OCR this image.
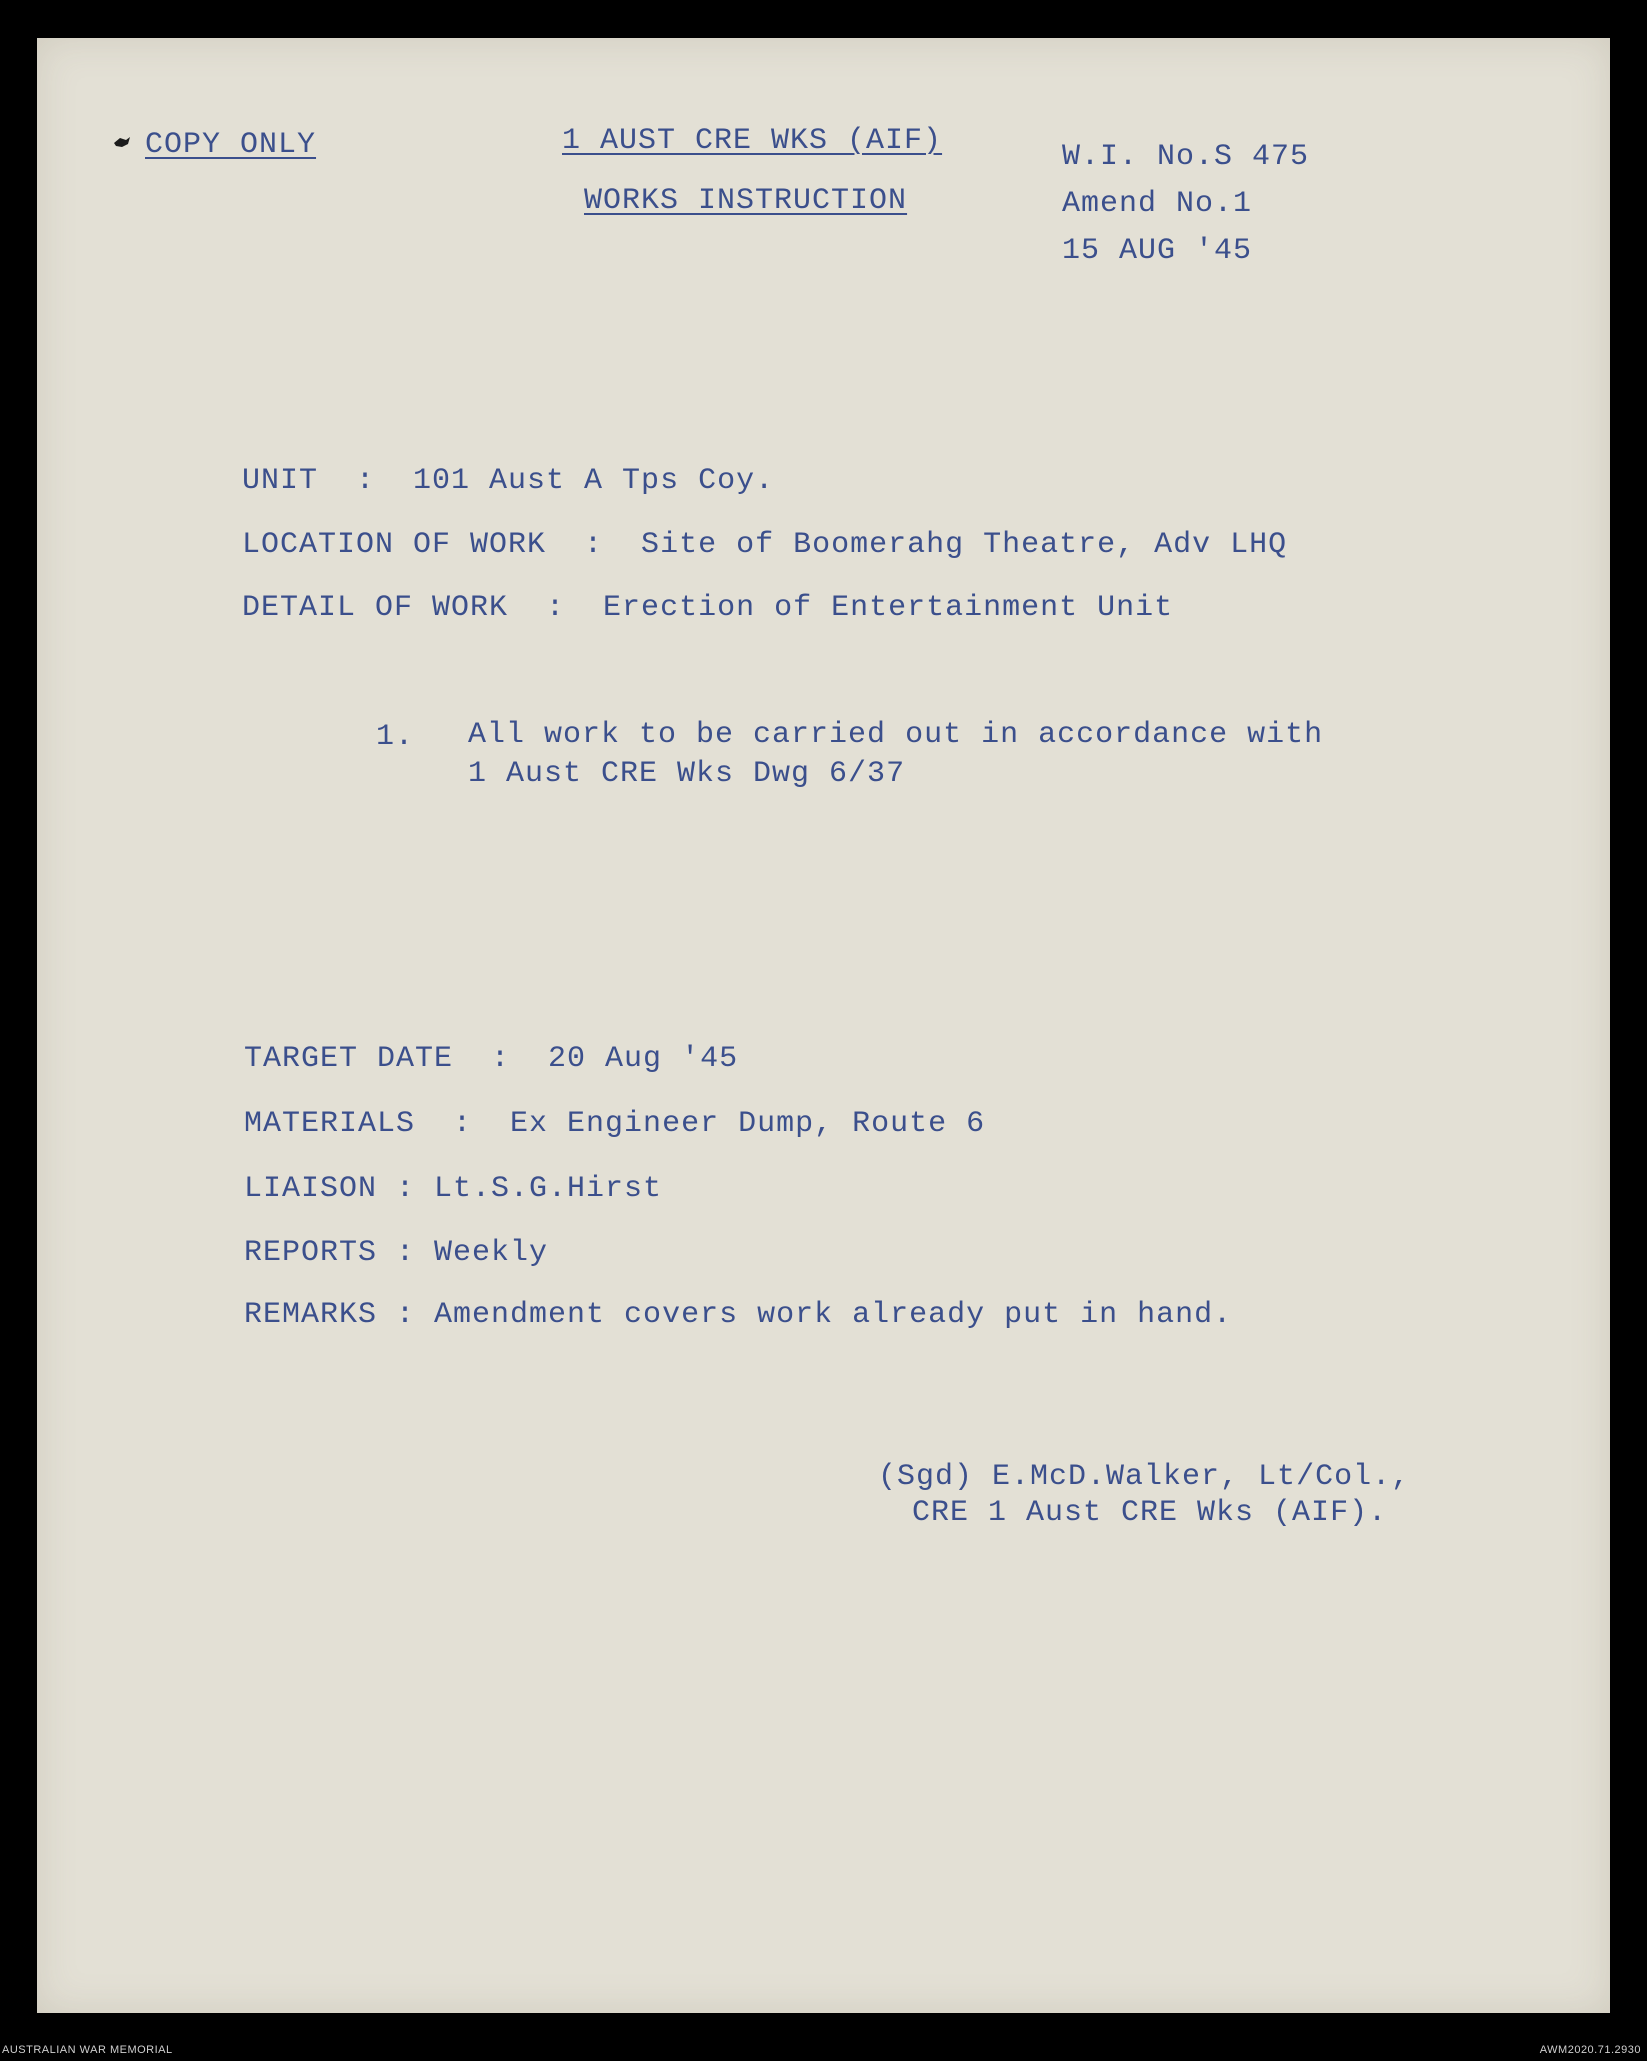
COPY ONLY	1 AUST CRE WKS (AIF)
WORKS INSTRUCTION
W.I. No.S 475
Amend No.1
15 AUG '45
UNIT  :  101 Aust A Tps Coy.
LOCATION OF WORK  :  Site of Boomerahg Theatre, Adv LHQ
DETAIL OF WORK  :  Erection of Entertainment Unit
1. All work to be carried out in accordance with
1 Aust CRE Wks Dwg 6/37
TARGET DATE  :  20 Aug '45
MATERIALS  :  Ex Engineer Dump, Route 6
LIAISON : Lt.S.G.Hirst
REPORTS : Weekly
REMARKS : Amendment covers work already put in hand.
(Sgd) E.McD.Walker, Lt/Col.,
CRE 1 Aust CRE Wks (AIF).
AUSTRALIAN WAR MEMORIAL	AWM2020.71.2930
